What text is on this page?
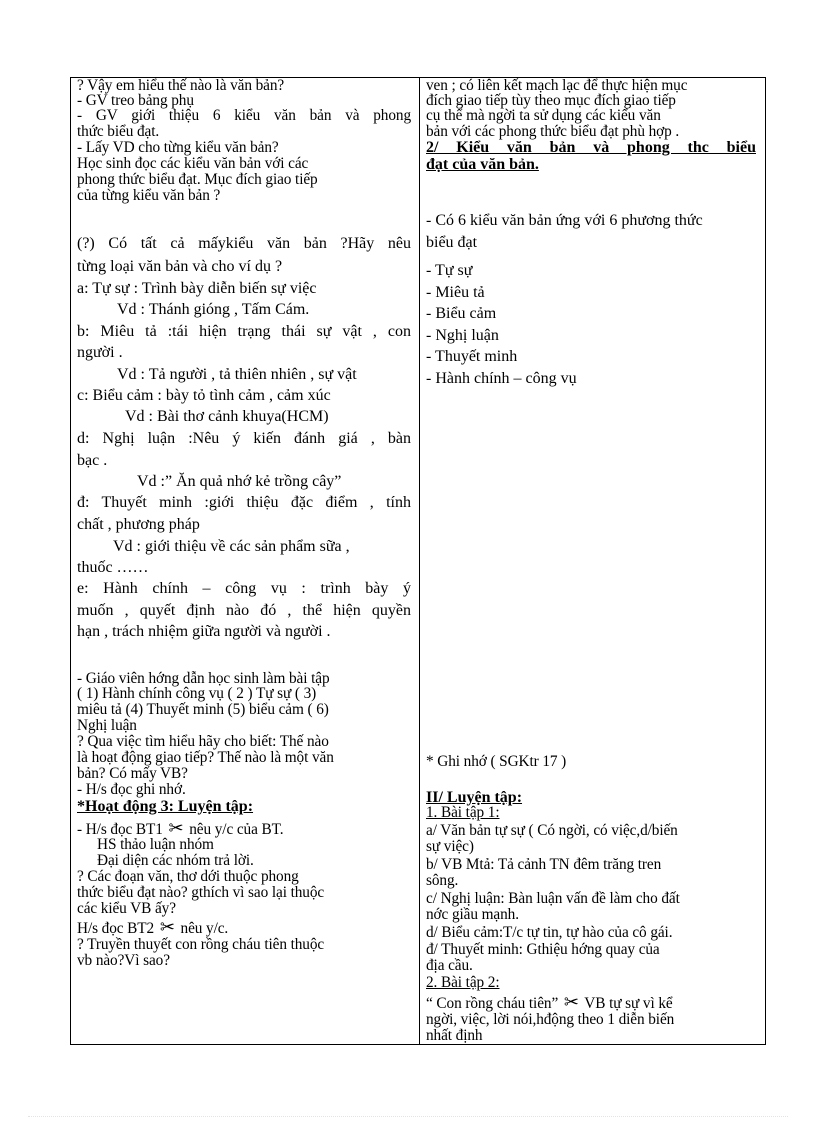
? Vậy em hiểu thế nào là văn bản?
- GV treo bảng phụ
- GV giới thiệu 6 kiểu văn bản và phong
thức biểu đạt.
- Lấy VD cho từng kiểu văn bản?
Học sinh đọc các kiểu văn bản với các
phong thức biểu đạt. Mục đích giao tiếp
của từng kiểu văn bản ?
(?) Có tất cả mấykiểu văn bản ?Hãy nêu
từng loại văn bản và cho ví dụ ?
a: Tự sự : Trình bày diễn biến sự việc
Vd : Thánh gióng , Tấm Cám.
b: Miêu tả :tái hiện trạng thái sự vật , con
người .
Vd : Tả người , tả thiên nhiên , sự vật
c: Biểu cảm : bày tỏ tình cảm , cảm xúc
Vd : Bài thơ cảnh khuya(HCM)
d: Nghị luận :Nêu ý kiến đánh giá , bàn
bạc .
Vd :” Ăn quả nhớ kẻ trồng cây”
đ: Thuyết minh :giới thiệu đặc điểm , tính
chất , phương pháp
Vd : giới thiệu về các sản phẩm sữa ,
thuốc ……
e: Hành chính – công vụ : trình bày ý
muốn , quyết định nào đó , thể hiện quyền
hạn , trách nhiệm giữa người và người .
- Giáo viên hớng dẫn học sinh làm bài tập
( 1) Hành chính công vụ ( 2 ) Tự sự ( 3)
miêu tả (4) Thuyết minh (5) biểu cảm ( 6)
Nghị luận
? Qua việc tìm hiểu hãy cho biết: Thế nào
là hoạt động giao tiếp? Thế nào là một văn
bản? Có mấy VB?
- H/s đọc ghi nhớ.
*Hoạt động 3: Luyện tập:
- H/s đọc BT1 ✂ nêu y/c của BT.
HS thảo luận nhóm
Đại diện các nhóm trả lời.
? Các đoạn văn, thơ dới thuộc phong
thức biểu đạt nào? gthích vì sao lại thuộc
các kiểu VB ấy?
H/s đọc BT2 ✂ nêu y/c.
? Truyền thuyết con rồng cháu tiên thuộc
vb nào?Vì sao?
ven ; có liên kết mạch lạc để thực hiện mục
đích giao tiếp tùy theo mục đích giao tiếp
cụ thể mà ngời ta sử dụng các kiểu văn
bản với các phong thức biểu đạt phù hợp .
2/ Kiểu văn bản và phong thc biểu
đạt của văn bản.
- Có 6 kiểu văn bản ứng với 6 phương thức
biểu đạt
- Tự sự
- Miêu tả
- Biểu cảm
- Nghị luận
- Thuyết minh
- Hành chính – công vụ
* Ghi nhớ ( SGKtr 17 )
II/ Luyện tập:
1. Bài tập 1:
a/ Văn bản tự sự ( Có ngời, có việc,d/biến
sự việc)
b/ VB Mtả: Tả cảnh TN đêm trăng tren
sông.
c/ Nghị luận: Bàn luận vấn đề làm cho đất
nớc giầu mạnh.
d/ Biểu cảm:T/c tự tin, tự hào của cô gái.
đ/ Thuyết minh: Gthiệu hớng quay của
địa cầu.
2. Bài tập 2:
“ Con rồng cháu tiên” ✂ VB tự sự vì kể
ngời, việc, lời nói,hđộng theo 1 diễn biến
nhất định
